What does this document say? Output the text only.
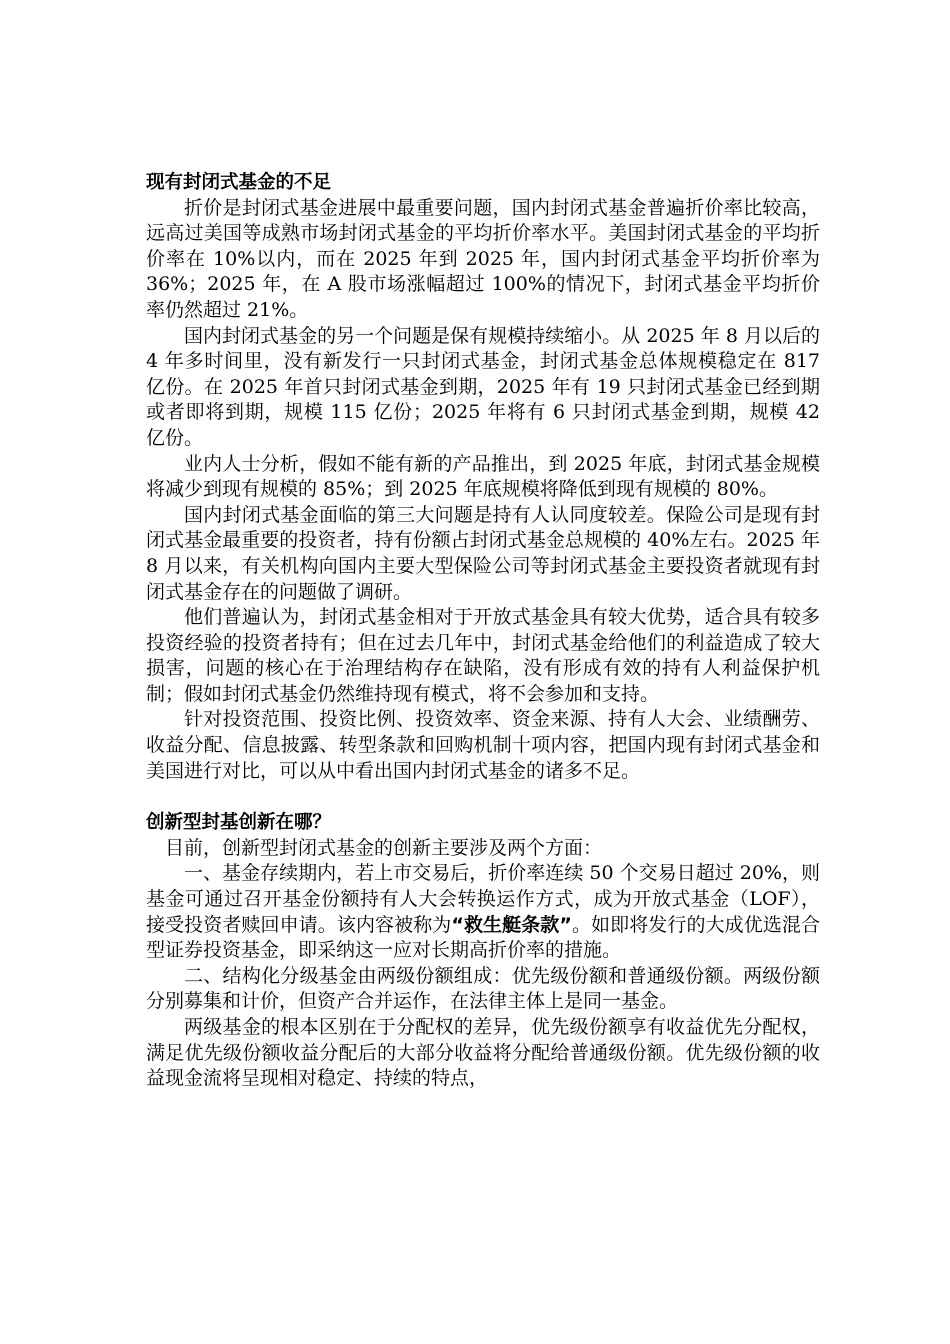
现有封闭式基金的不足

折价是封闭式基金进展中最重要问题，国内封闭式基金普遍折价率比较高，远高过美国等成熟市场封闭式基金的平均折价率水平。美国封闭式基金的平均折价率在 10%以内，而在 2025 年到 2025 年，国内封闭式基金平均折价率为 36%；2025 年，在 A 股市场涨幅超过 100%的情况下，封闭式基金平均折价率仍然超过 21%。

国内封闭式基金的另一个问题是保有规模持续缩小。从 2025 年 8 月以后的 4 年多时间里，没有新发行一只封闭式基金，封闭式基金总体规模稳定在 817 亿份。在 2025 年首只封闭式基金到期，2025 年有 19 只封闭式基金已经到期或者即将到期，规模 115 亿份；2025 年将有 6 只封闭式基金到期，规模 42 亿份。

业内人士分析，假如不能有新的产品推出，到 2025 年底，封闭式基金规模将减少到现有规模的 85%；到 2025 年底规模将降低到现有规模的 80%。

国内封闭式基金面临的第三大问题是持有人认同度较差。保险公司是现有封闭式基金最重要的投资者，持有份额占封闭式基金总规模的 40%左右。2025 年 8 月以来，有关机构向国内主要大型保险公司等封闭式基金主要投资者就现有封闭式基金存在的问题做了调研。

他们普遍认为，封闭式基金相对于开放式基金具有较大优势，适合具有较多投资经验的投资者持有；但在过去几年中，封闭式基金给他们的利益造成了较大损害，问题的核心在于治理结构存在缺陷，没有形成有效的持有人利益保护机制；假如封闭式基金仍然维持现有模式，将不会参加和支持。

针对投资范围、投资比例、投资效率、资金来源、持有人大会、业绩酬劳、收益分配、信息披露、转型条款和回购机制十项内容，把国内现有封闭式基金和美国进行对比，可以从中看出国内封闭式基金的诸多不足。

创新型封基创新在哪？

目前，创新型封闭式基金的创新主要涉及两个方面：

一、基金存续期内，若上市交易后，折价率连续 50 个交易日超过 20%，则基金可通过召开基金份额持有人大会转换运作方式，成为开放式基金（LOF），接受投资者赎回申请。该内容被称为“救生艇条款”。如即将发行的大成优选混合型证券投资基金，即采纳这一应对长期高折价率的措施。

二、结构化分级基金由两级份额组成：优先级份额和普通级份额。两级份额分别募集和计价，但资产合并运作，在法律主体上是同一基金。

两级基金的根本区别在于分配权的差异，优先级份额享有收益优先分配权，满足优先级份额收益分配后的大部分收益将分配给普通级份额。优先级份额的收益现金流将呈现相对稳定、持续的特点，
